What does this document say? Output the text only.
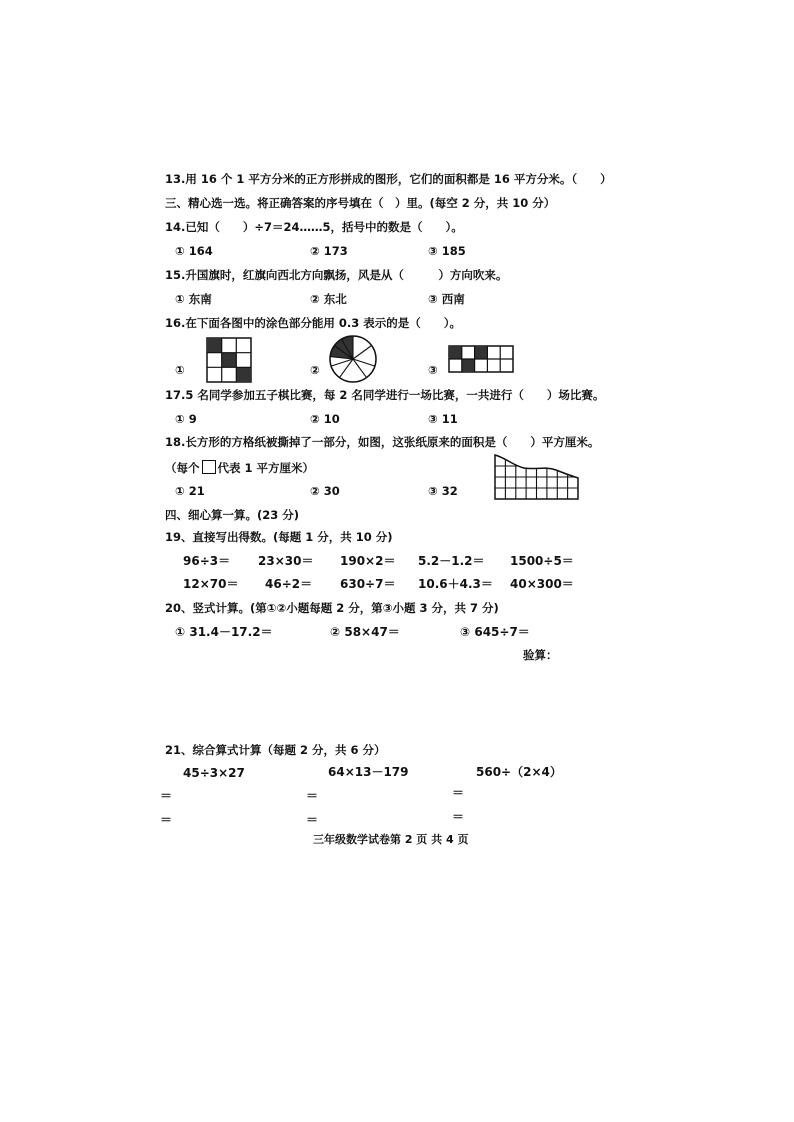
13.用 16 个 1 平方分米的正方形拼成的图形，它们的面积都是 16 平方分米。（　　）
三、精心选一选。将正确答案的序号填在（　）里。(每空 2 分，共 10 分）
14.已知（　　）÷7＝24……5，括号中的数是（　　）。
① 164	② 173	③ 185
15.升国旗时，红旗向西北方向飘扬，风是从（　　　）方向吹来。
① 东南	② 东北	③ 西南
16.在下面各图中的涂色部分能用 0.3 表示的是（　　）。
①	②	③
17.5 名同学参加五子棋比赛，每 2 名同学进行一场比赛，一共进行（　　）场比赛。
① 9	② 10	③ 11
18.长方形的方格纸被撕掉了一部分，如图，这张纸原来的面积是（　　）平方厘米。
（每个 代表 1 平方厘米）
① 21	② 30	③ 32
四、细心算一算。(23 分)
19、直接写出得数。(每题 1 分，共 10 分)
96÷3＝ 23×30＝ 190×2＝ 5.2－1.2＝ 1500÷5＝
12×70＝ 46÷2＝ 630÷7＝ 10.6＋4.3＝ 40×300＝
20、竖式计算。(第①②小题每题 2 分，第③小题 3 分，共 7 分)
① 31.4－17.2＝	② 58×47＝	③ 645÷7＝
验算：
21、综合算式计算（每题 2 分，共 6 分）
45÷3×27	64×13－179	560÷（2×4）
＝	＝	＝
＝	＝	＝
三年级数学试卷第 2 页 共 4 页
